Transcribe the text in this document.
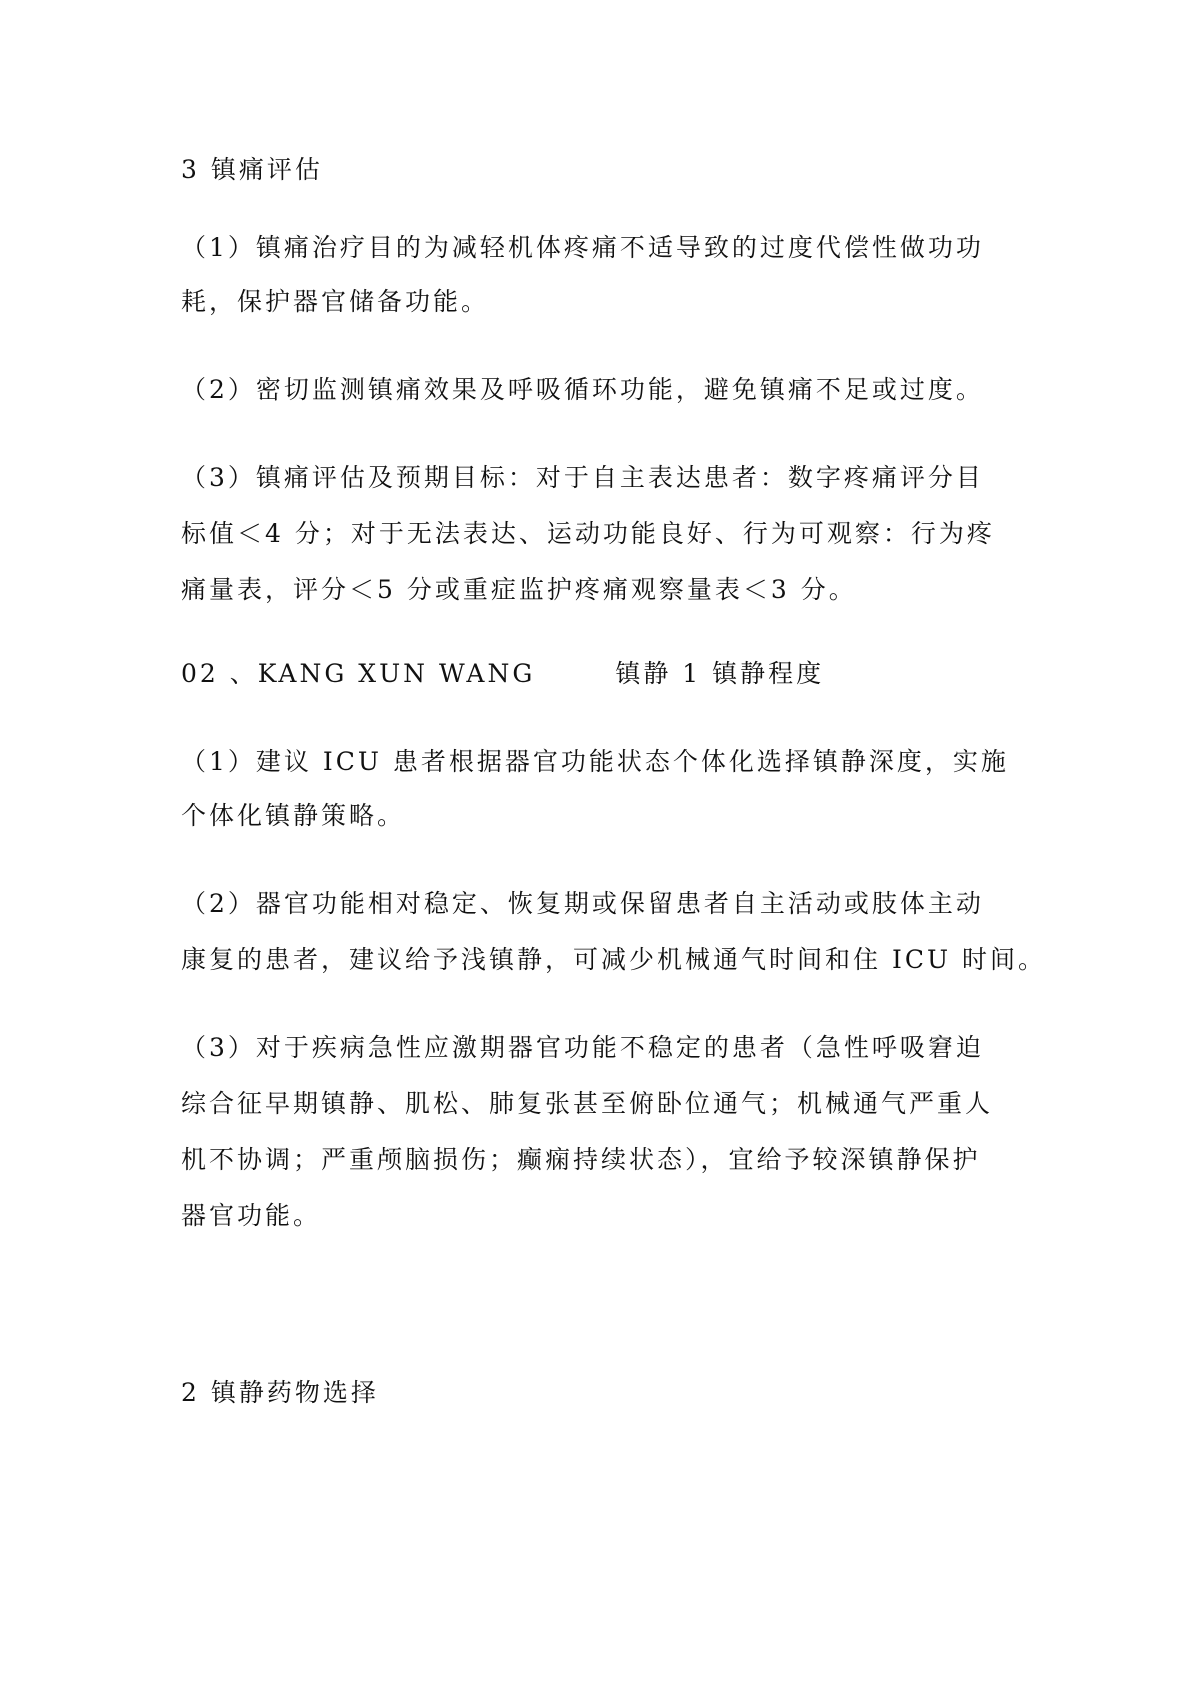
3 镇痛评估
（1）镇痛治疗目的为减轻机体疼痛不适导致的过度代偿性做功功
耗，保护器官储备功能。
（2）密切监测镇痛效果及呼吸循环功能，避免镇痛不足或过度。
（3）镇痛评估及预期目标：对于自主表达患者：数字疼痛评分目
标值＜4 分；对于无法表达、运动功能良好、行为可观察：行为疼
痛量表，评分＜5 分或重症监护疼痛观察量表＜3 分。
02 、KANG XUN WANG	镇静 1 镇静程度
（1）建议 ICU 患者根据器官功能状态个体化选择镇静深度，实施
个体化镇静策略。
（2）器官功能相对稳定、恢复期或保留患者自主活动或肢体主动
康复的患者，建议给予浅镇静，可减少机械通气时间和住 ICU 时间。
（3）对于疾病急性应激期器官功能不稳定的患者（急性呼吸窘迫
综合征早期镇静、肌松、肺复张甚至俯卧位通气；机械通气严重人
机不协调；严重颅脑损伤；癫痫持续状态），宜给予较深镇静保护
器官功能。
2 镇静药物选择
